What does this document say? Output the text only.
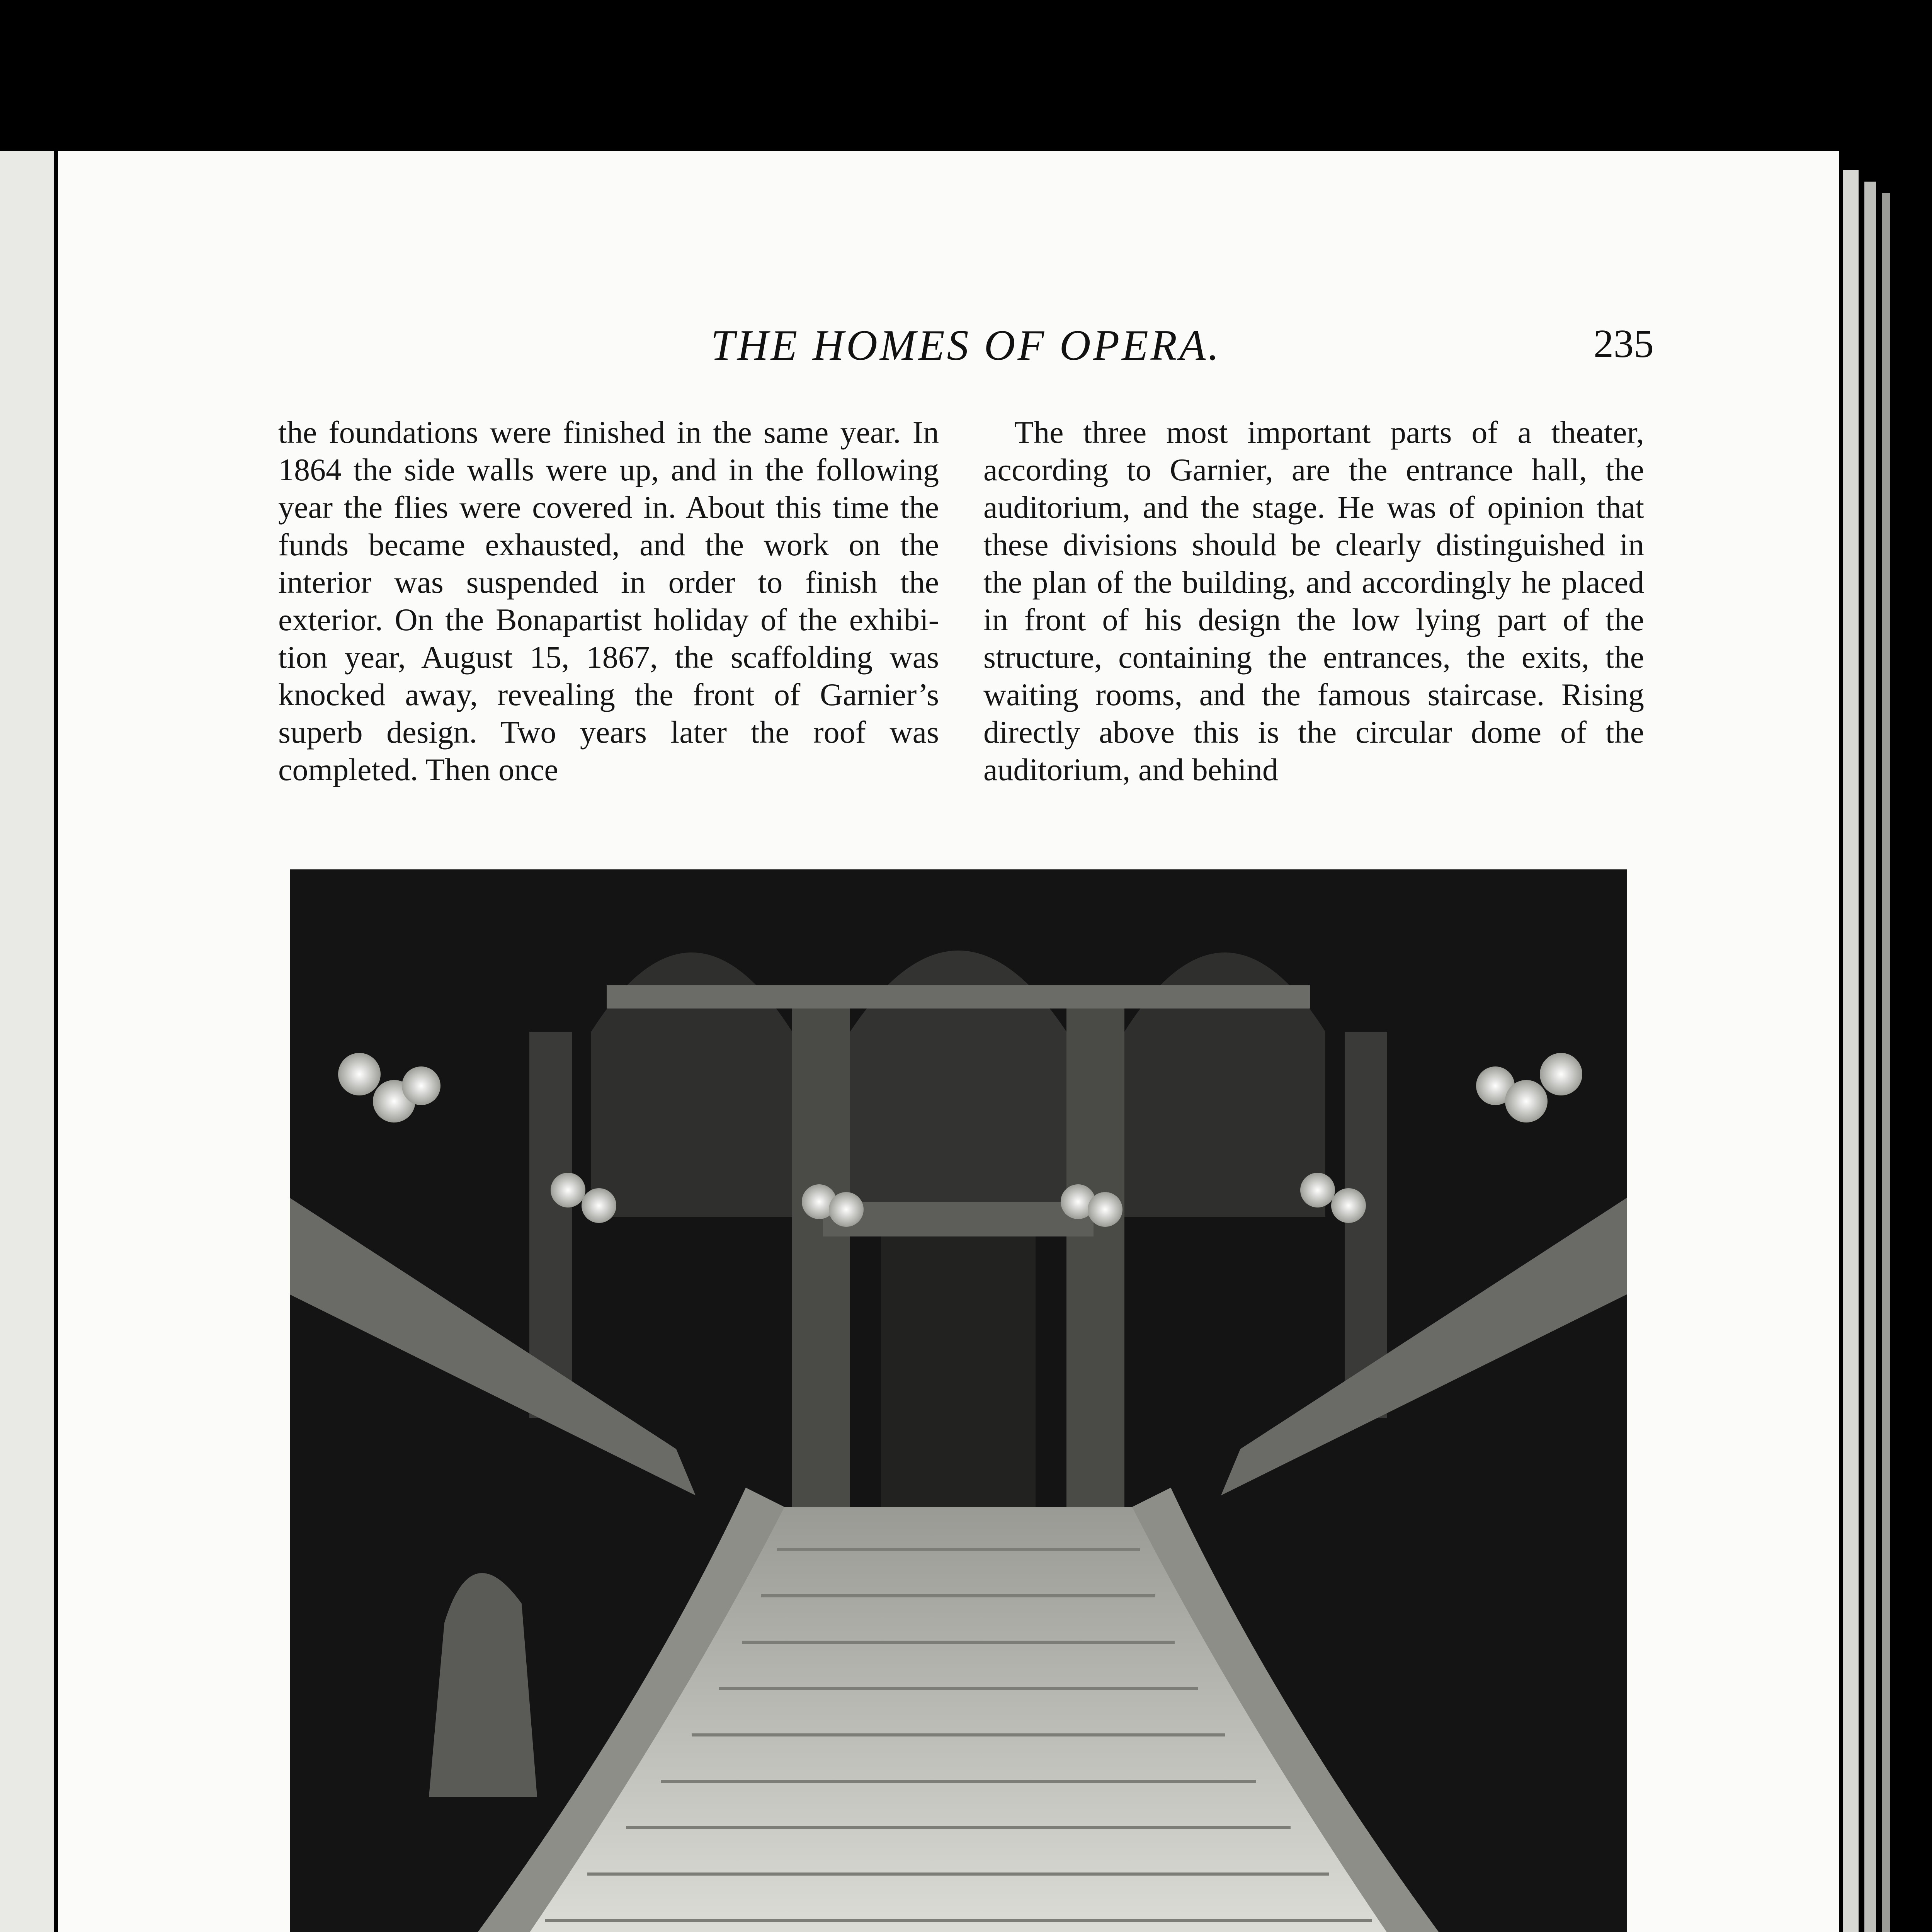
THE HOMES OF OPERA.	235

the foundations were finished in the same year. In 1864 the side walls were up, and in the following year the flies were covered in. About this time the funds became exhausted, and the work on the interior was suspended in order to finish the exterior. On the Bonapartist holiday of the exhibition year, August 15, 1867, the scaffolding was knocked away, revealing the front of Garnier’s superb design. Two years later the roof was completed. Then once

The three most important parts of a theater, according to Garnier, are the entrance hall, the auditorium, and the stage. He was of opinion that these divisions should be clearly distinguished in the plan of the building, and accordingly he placed in front of his design the low lying part of the structure, containing the entrances, the exits, the waiting rooms, and the famous staircase. Rising directly above this is the circular dome of the auditorium, and behind
